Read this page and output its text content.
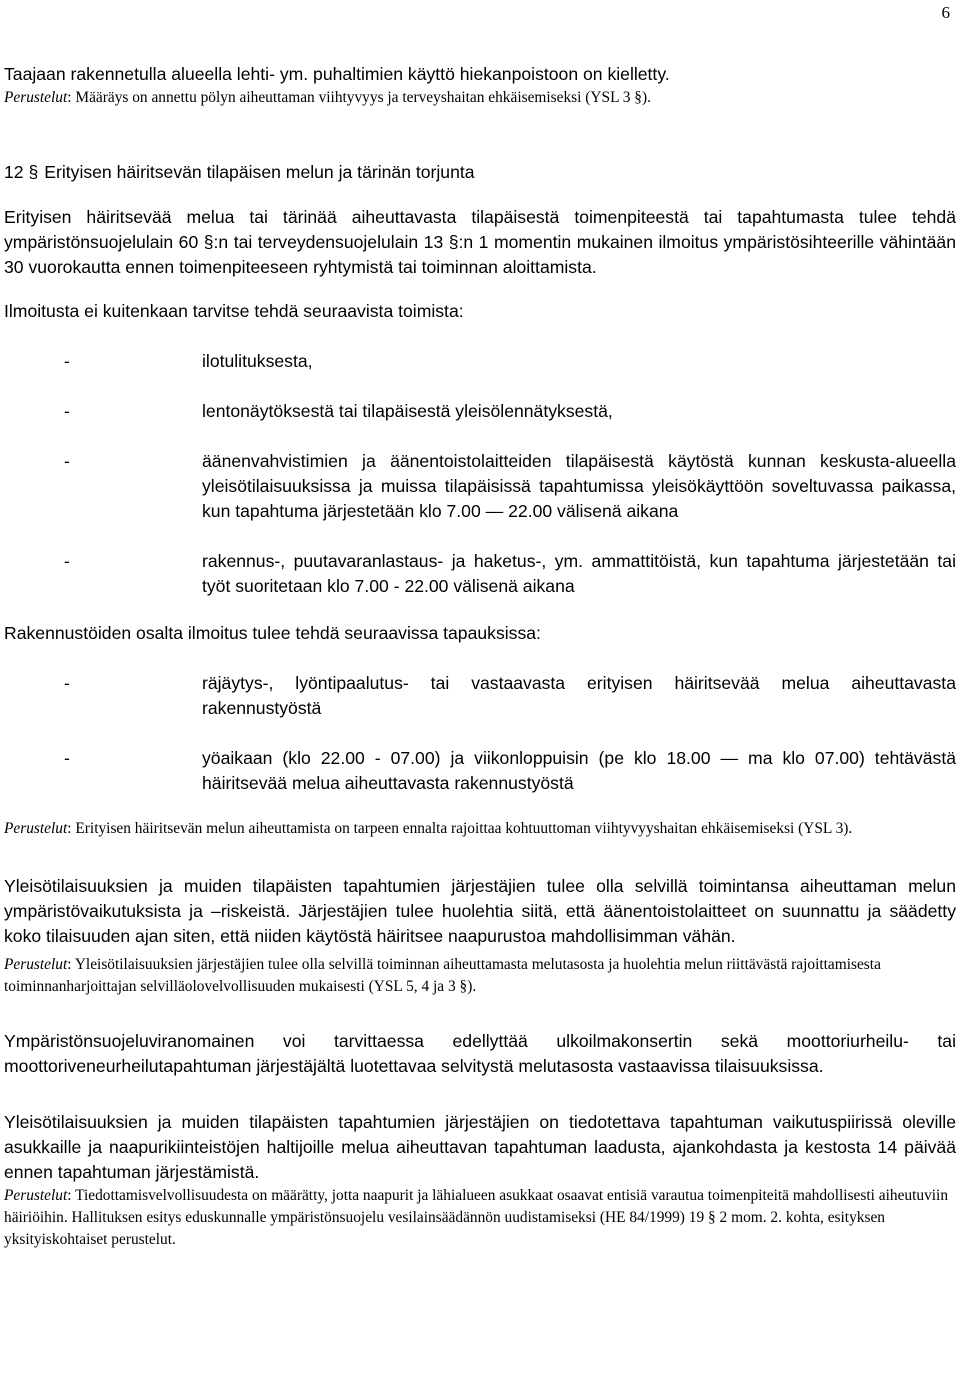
6

Taajaan rakennetulla alueella lehti- ym. puhaltimien käyttö hiekanpoistoon on kielletty.

Perustelut: Määräys on annettu pölyn aiheuttaman viihtyvyys ja terveyshaitan ehkäisemiseksi (YSL 3 §).

12 § Erityisen häiritsevän tilapäisen melun ja tärinän torjunta

Erityisen häiritsevää melua tai tärinää aiheuttavasta tilapäisestä toimenpiteestä tai tapahtumasta tulee tehdä ympäristönsuojelulain 60 §:n tai terveydensuojelulain 13 §:n 1 momentin mukainen ilmoitus ympäristösihteerille vähintään 30 vuorokautta ennen toimenpiteeseen ryhtymistä tai toiminnan aloittamista.

Ilmoitusta ei kuitenkaan tarvitse tehdä seuraavista toimista:

-	ilotulituksesta,
-	lentonäytöksestä tai tilapäisestä yleisölennätyksestä,
-	äänenvahvistimien ja äänentoistolaitteiden tilapäisestä käytöstä kunnan keskusta-alueella yleisötilaisuuksissa ja muissa tilapäisissä tapahtumissa yleisökäyttöön soveltuvassa paikassa, kun tapahtuma järjestetään klo 7.00 — 22.00 välisenä aikana
-	rakennus-, puutavaranlastaus- ja haketus-, ym. ammattitöistä, kun tapahtuma järjestetään tai työt suoritetaan klo 7.00 - 22.00 välisenä aikana

Rakennustöiden osalta ilmoitus tulee tehdä seuraavissa tapauksissa:

-	räjäytys-, lyöntipaalutus- tai vastaavasta erityisen häiritsevää melua aiheuttavasta rakennustyöstä
-	yöaikaan (klo 22.00 - 07.00) ja viikonloppuisin (pe klo 18.00 — ma klo 07.00) tehtävästä häiritsevää melua aiheuttavasta rakennustyöstä

Perustelut: Erityisen häiritsevän melun aiheuttamista on tarpeen ennalta rajoittaa kohtuuttoman viihtyvyyshaitan ehkäisemiseksi (YSL 3).

Yleisötilaisuuksien ja muiden tilapäisten tapahtumien järjestäjien tulee olla selvillä toimintansa aiheuttaman melun ympäristövaikutuksista ja –riskeistä. Järjestäjien tulee huolehtia siitä, että äänentoistolaitteet on suunnattu ja säädetty koko tilaisuuden ajan siten, että niiden käytöstä häiritsee naapurustoa mahdollisimman vähän.

Perustelut: Yleisötilaisuuksien järjestäjien tulee olla selvillä toiminnan aiheuttamasta melutasosta ja huolehtia melun riittävästä rajoittamisesta toiminnanharjoittajan selvilläolovelvollisuuden mukaisesti (YSL 5, 4 ja 3 §).

Ympäristönsuojeluviranomainen voi tarvittaessa edellyttää ulkoilmakonsertin sekä moottoriurheilu- tai moottoriveneurheilutapahtuman järjestäjältä luotettavaa selvitystä melutasosta vastaavissa tilaisuuksissa.

Yleisötilaisuuksien ja muiden tilapäisten tapahtumien järjestäjien on tiedotettava tapahtuman vaikutuspiirissä oleville asukkaille ja naapurikiinteistöjen haltijoille melua aiheuttavan tapahtuman laadusta, ajankohdasta ja kestosta 14 päivää ennen tapahtuman järjestämistä.

Perustelut: Tiedottamisvelvollisuudesta on määrätty, jotta naapurit ja lähialueen asukkaat osaavat entisiä varautua toimenpiteitä mahdollisesti aiheutuviin häiriöihin. Hallituksen esitys eduskunnalle ympäristönsuojelu vesilainsäädännön uudistamiseksi (HE 84/1999) 19 § 2 mom. 2. kohta, esityksen yksityiskohtaiset perustelut.
